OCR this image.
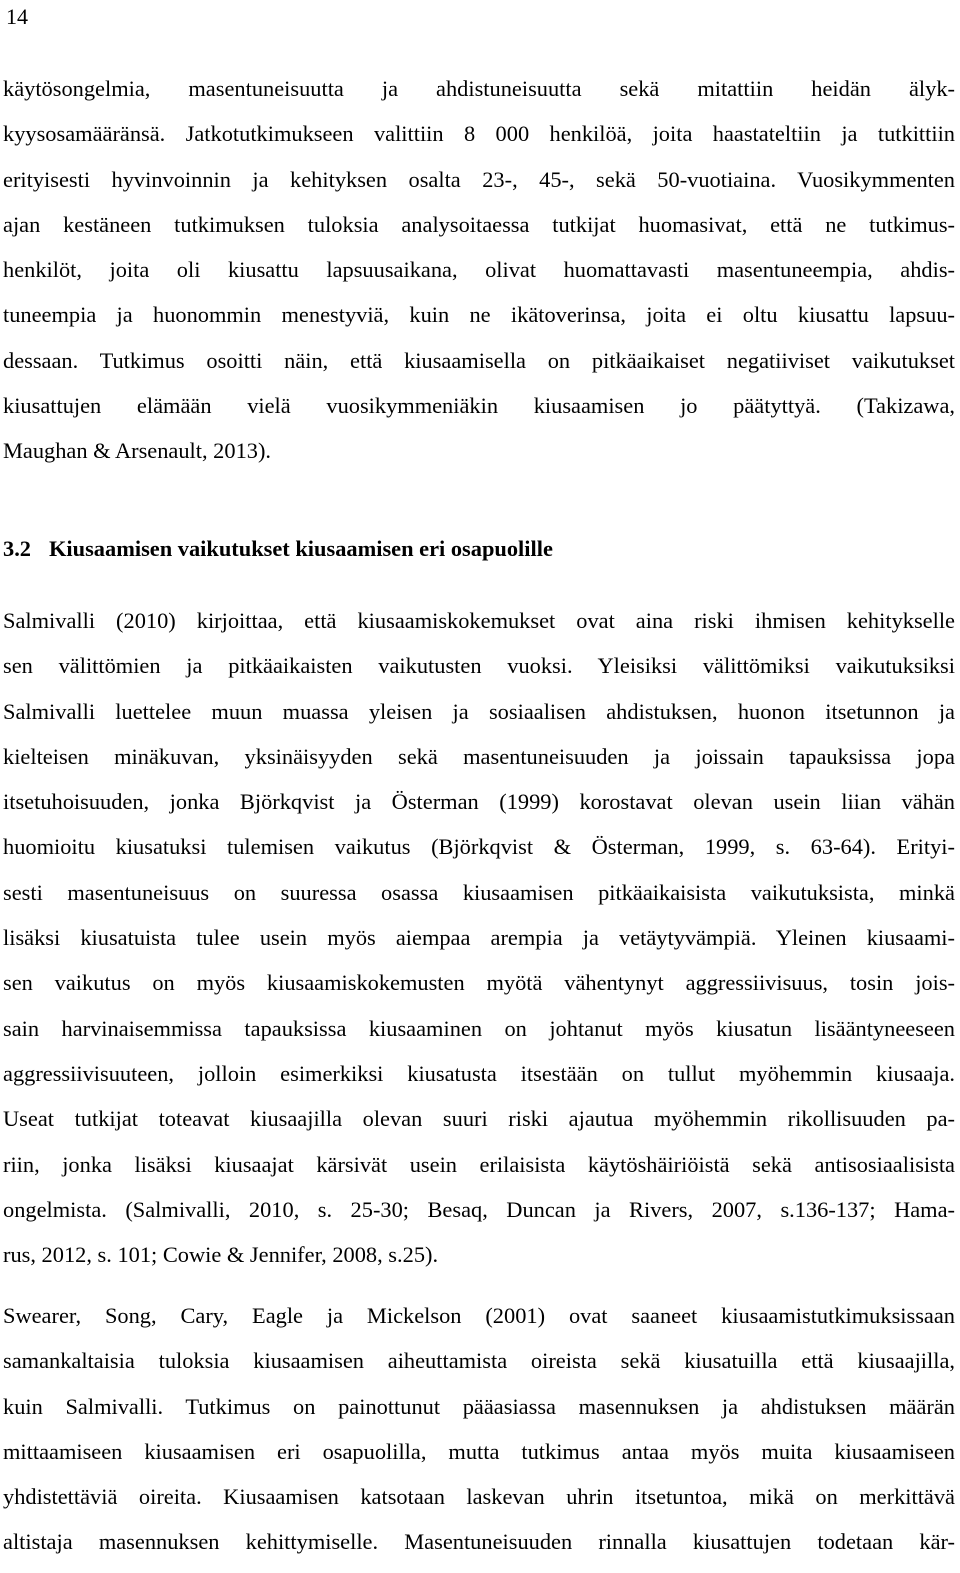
14
käytösongelmia, masentuneisuutta ja ahdistuneisuutta sekä mitattiin heidän älyk-
kyysosamääränsä. Jatkotutkimukseen valittiin 8 000 henkilöä, joita haastateltiin ja tutkittiin
erityisesti hyvinvoinnin ja kehityksen osalta 23-, 45-, sekä 50-vuotiaina. Vuosikymmenten
ajan kestäneen tutkimuksen tuloksia analysoitaessa tutkijat huomasivat, että ne tutkimus-
henkilöt, joita oli kiusattu lapsuusaikana, olivat huomattavasti masentuneempia, ahdis-
tuneempia ja huonommin menestyviä, kuin ne ikätoverinsa, joita ei oltu kiusattu lapsuu-
dessaan. Tutkimus osoitti näin, että kiusaamisella on pitkäaikaiset negatiiviset vaikutukset
kiusattujen elämään vielä vuosikymmeniäkin kiusaamisen jo päätyttyä. (Takizawa,
Maughan & Arsenault, 2013).
3.2 Kiusaamisen vaikutukset kiusaamisen eri osapuolille
Salmivalli (2010) kirjoittaa, että kiusaamiskokemukset ovat aina riski ihmisen kehitykselle
sen välittömien ja pitkäaikaisten vaikutusten vuoksi. Yleisiksi välittömiksi vaikutuksiksi
Salmivalli luettelee muun muassa yleisen ja sosiaalisen ahdistuksen, huonon itsetunnon ja
kielteisen minäkuvan, yksinäisyyden sekä masentuneisuuden ja joissain tapauksissa jopa
itsetuhoisuuden, jonka Björkqvist ja Österman (1999) korostavat olevan usein liian vähän
huomioitu kiusatuksi tulemisen vaikutus (Björkqvist & Österman, 1999, s. 63-64). Erityi-
sesti masentuneisuus on suuressa osassa kiusaamisen pitkäaikaisista vaikutuksista, minkä
lisäksi kiusatuista tulee usein myös aiempaa arempia ja vetäytyvämpiä. Yleinen kiusaami-
sen vaikutus on myös kiusaamiskokemusten myötä vähentynyt aggressiivisuus, tosin jois-
sain harvinaisemmissa tapauksissa kiusaaminen on johtanut myös kiusatun lisääntyneeseen
aggressiivisuuteen, jolloin esimerkiksi kiusatusta itsestään on tullut myöhemmin kiusaaja.
Useat tutkijat toteavat kiusaajilla olevan suuri riski ajautua myöhemmin rikollisuuden pa-
riin, jonka lisäksi kiusaajat kärsivät usein erilaisista käytöshäiriöistä sekä antisosiaalisista
ongelmista. (Salmivalli, 2010, s. 25-30; Besaq, Duncan ja Rivers, 2007, s.136-137; Hama-
rus, 2012, s. 101; Cowie & Jennifer, 2008, s.25).
Swearer, Song, Cary, Eagle ja Mickelson (2001) ovat saaneet kiusaamistutkimuksissaan
samankaltaisia tuloksia kiusaamisen aiheuttamista oireista sekä kiusatuilla että kiusaajilla,
kuin Salmivalli. Tutkimus on painottunut pääasiassa masennuksen ja ahdistuksen määrän
mittaamiseen kiusaamisen eri osapuolilla, mutta tutkimus antaa myös muita kiusaamiseen
yhdistettäviä oireita. Kiusaamisen katsotaan laskevan uhrin itsetuntoa, mikä on merkittävä
altistaja masennuksen kehittymiselle. Masentuneisuuden rinnalla kiusattujen todetaan kär-
